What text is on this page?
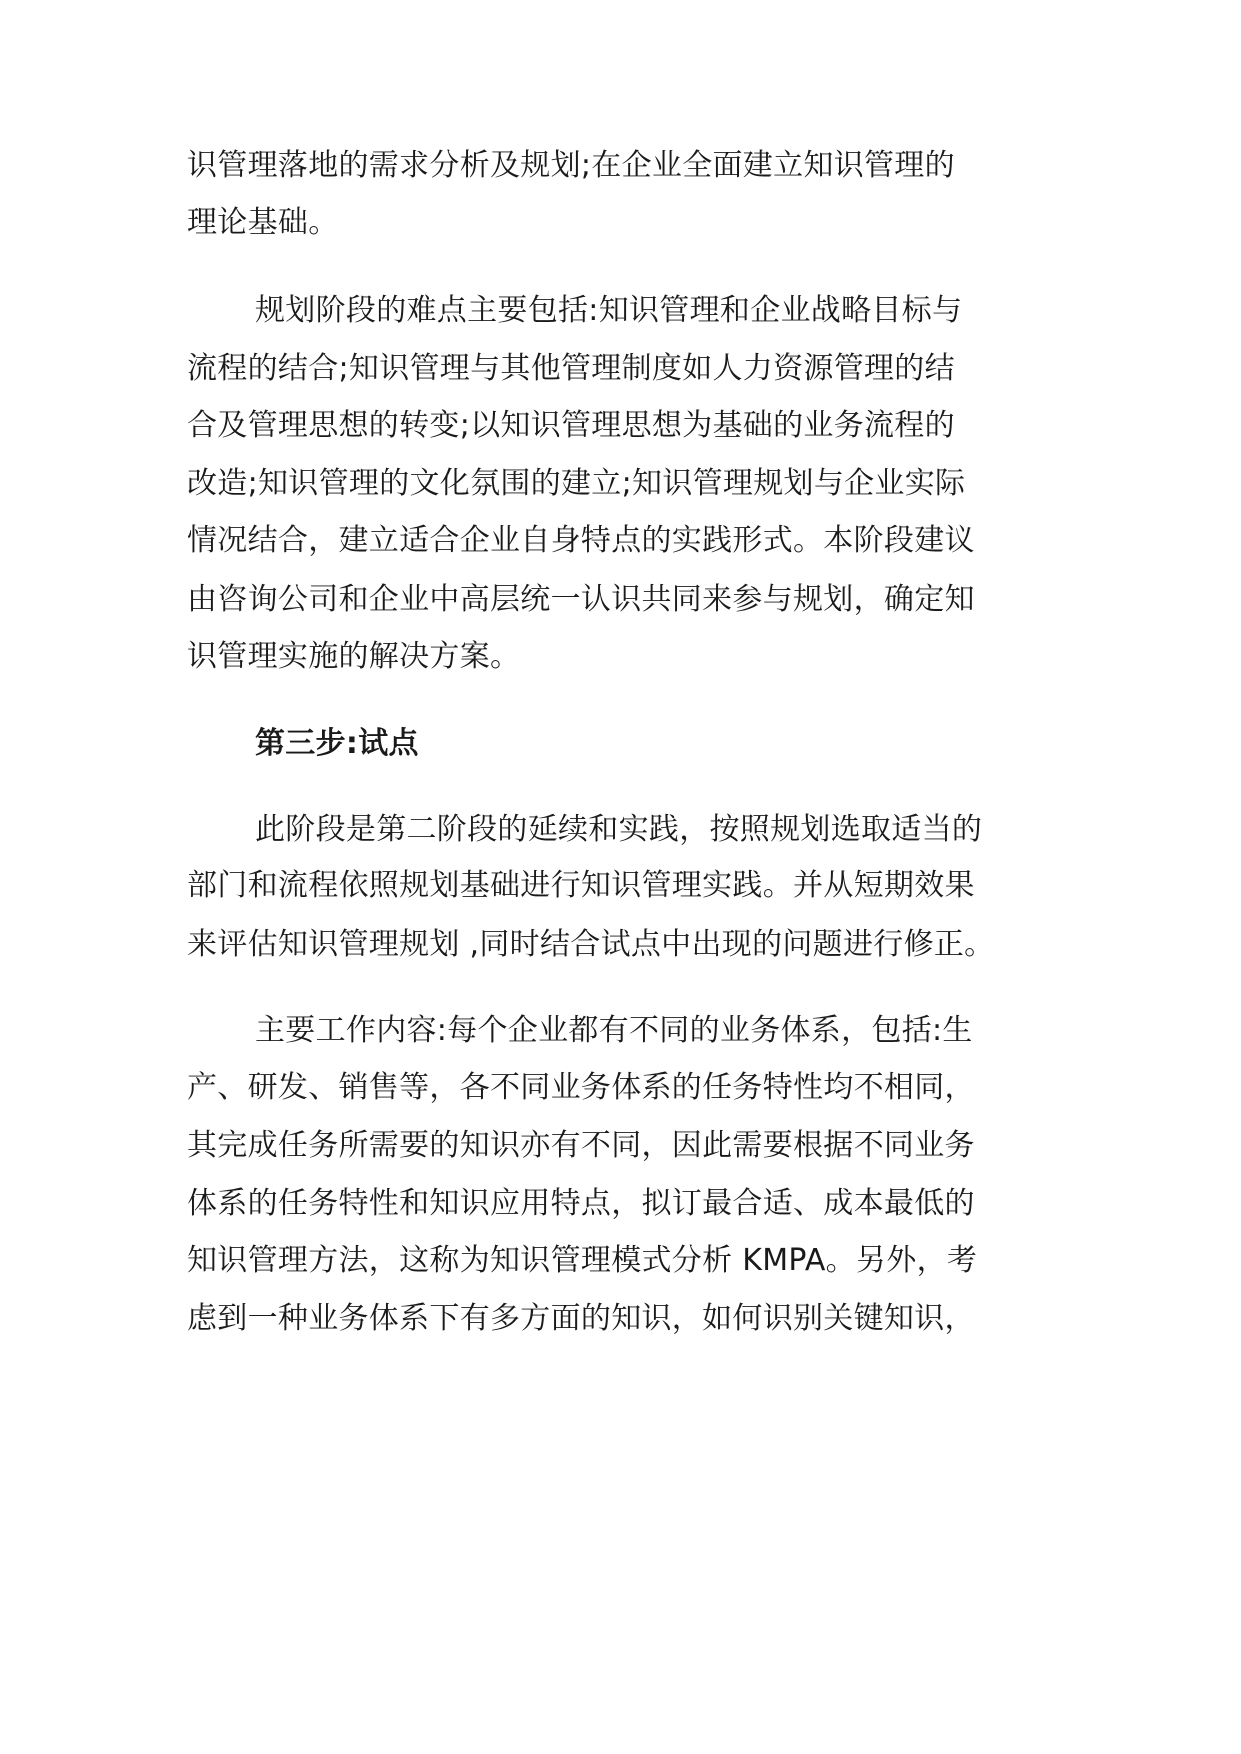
识管理落地的需求分析及规划;在企业全面建立知识管理的

理论基础。

规划阶段的难点主要包括:知识管理和企业战略目标与

流程的结合;知识管理与其他管理制度如人力资源管理的结

合及管理思想的转变;以知识管理思想为基础的业务流程的

改造;知识管理的文化氛围的建立;知识管理规划与企业实际

情况结合，建立适合企业自身特点的实践形式。本阶段建议

由咨询公司和企业中高层统一认识共同来参与规划，确定知

识管理实施的解决方案。

第三步:试点

此阶段是第二阶段的延续和实践，按照规划选取适当的

部门和流程依照规划基础进行知识管理实践。并从短期效果

来评估知识管理规划 ,同时结合试点中出现的问题进行修正。

主要工作内容:每个企业都有不同的业务体系，包括:生

产、研发、销售等，各不同业务体系的任务特性均不相同，

其完成任务所需要的知识亦有不同，因此需要根据不同业务

体系的任务特性和知识应用特点，拟订最合适、成本最低的

知识管理方法，这称为知识管理模式分析 KMPA。另外，考

虑到一种业务体系下有多方面的知识，如何识别关键知识，
